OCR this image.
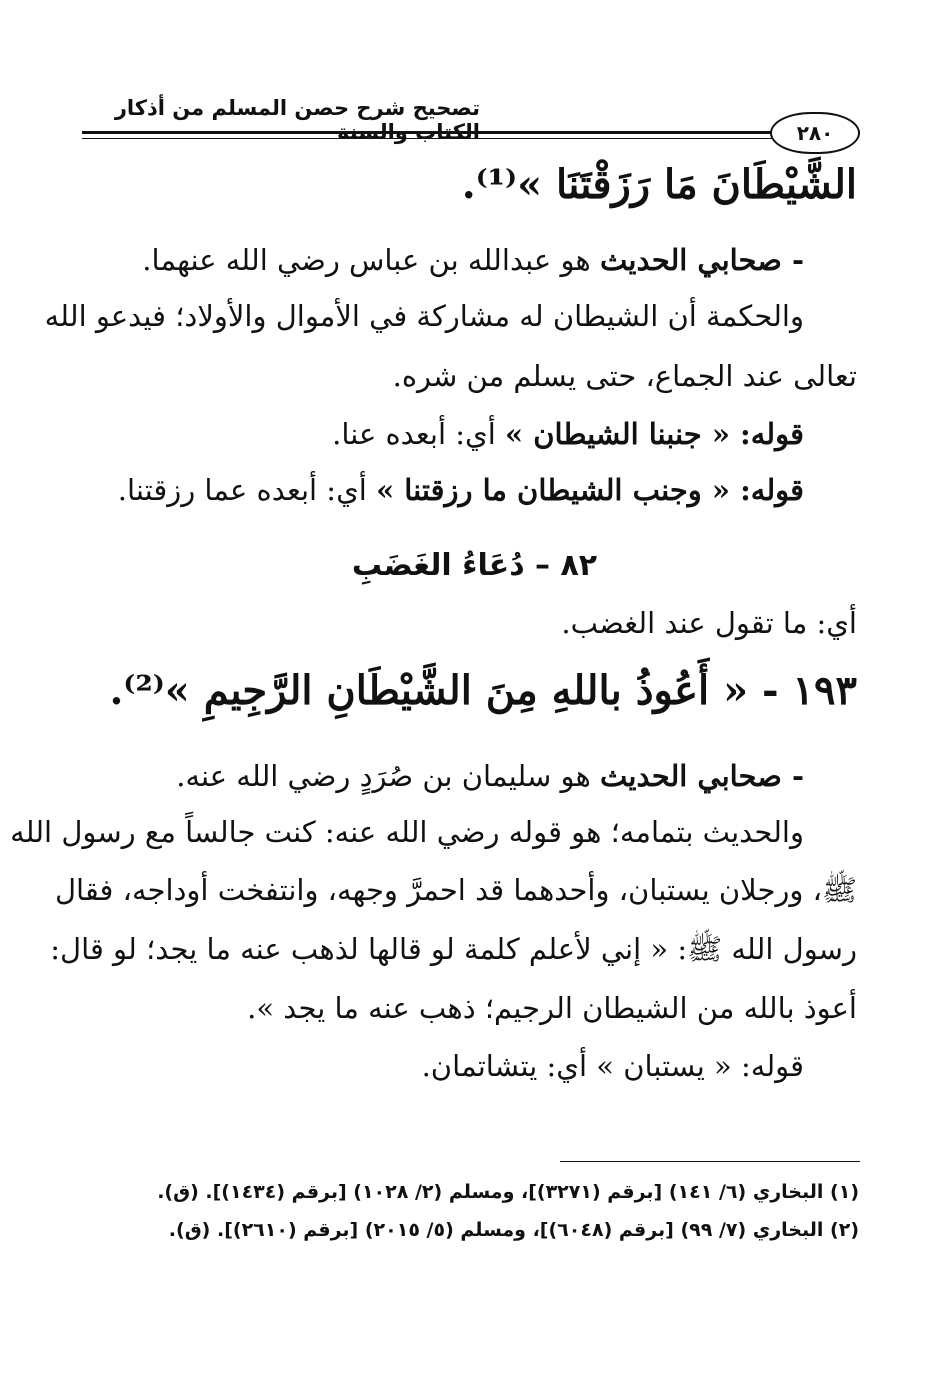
تصحيح شرح حصن المسلم من أذكار الكتاب والسنة	٢٨٠
الشَّيْطَانَ مَا رَزَقْتَنَا »⁽¹⁾.
- صحابي الحديث هو عبدالله بن عباس رضي الله عنهما.
والحكمة أن الشيطان له مشاركة في الأموال والأولاد؛ فيدعو الله
تعالى عند الجماع، حتى يسلم من شره.
قوله: « جنبنا الشيطان » أي: أبعده عنا.
قوله: « وجنب الشيطان ما رزقتنا » أي: أبعده عما رزقتنا.
٨٢ – دُعَاءُ الغَضَبِ
أي: ما تقول عند الغضب.
١٩٣ - « أَعُوذُ باللهِ مِنَ الشَّيْطَانِ الرَّجِيمِ »⁽²⁾.
- صحابي الحديث هو سليمان بن صُرَدٍ رضي الله عنه.
والحديث بتمامه؛ هو قوله رضي الله عنه: كنت جالساً مع رسول الله
ﷺ، ورجلان يستبان، وأحدهما قد احمرَّ وجهه، وانتفخت أوداجه، فقال
رسول الله ﷺ: « إني لأعلم كلمة لو قالها لذهب عنه ما يجد؛ لو قال:
أعوذ بالله من الشيطان الرجيم؛ ذهب عنه ما يجد ».
قوله: « يستبان » أي: يتشاتمان.
(١) البخاري (٦/ ١٤١) [برقم (٣٢٧١)]، ومسلم (٢/ ١٠٢٨) [برقم (١٤٣٤)]. (ق).
(٢) البخاري (٧/ ٩٩) [برقم (٦٠٤٨)]، ومسلم (٥/ ٢٠١٥) [برقم (٢٦١٠)]. (ق).
